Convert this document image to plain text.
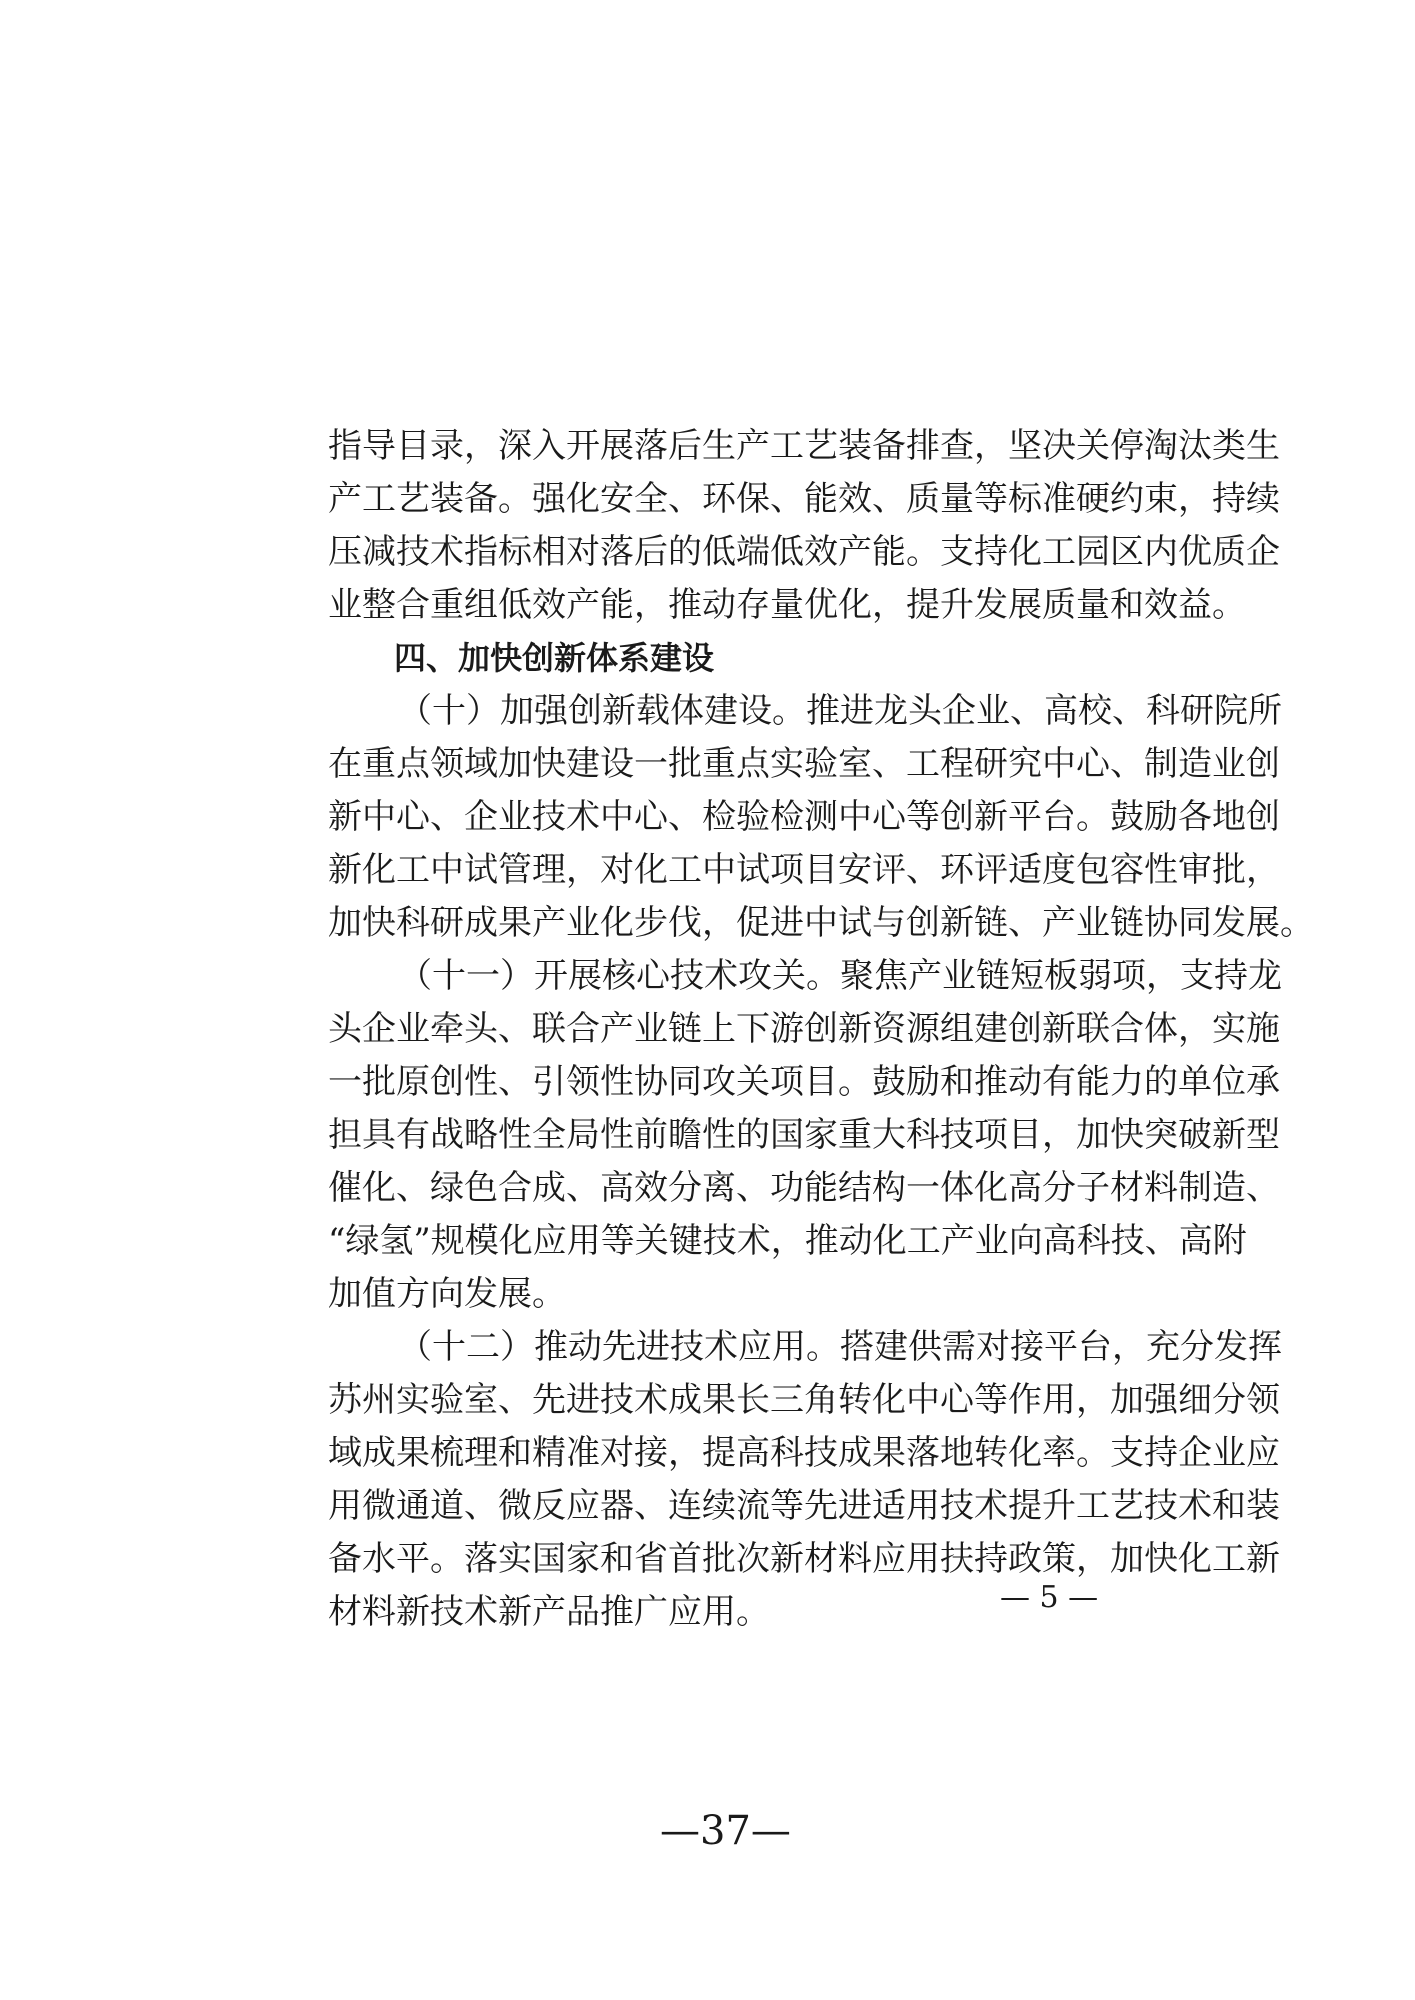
指导目录，深入开展落后生产工艺装备排查，坚决关停淘汰类生
产工艺装备。强化安全、环保、能效、质量等标准硬约束，持续
压减技术指标相对落后的低端低效产能。支持化工园区内优质企
业整合重组低效产能，推动存量优化，提升发展质量和效益。
四、加快创新体系建设
（十）加强创新载体建设。推进龙头企业、高校、科研院所
在重点领域加快建设一批重点实验室、工程研究中心、制造业创
新中心、企业技术中心、检验检测中心等创新平台。鼓励各地创
新化工中试管理，对化工中试项目安评、环评适度包容性审批，
加快科研成果产业化步伐，促进中试与创新链、产业链协同发展。
（十一）开展核心技术攻关。聚焦产业链短板弱项，支持龙
头企业牵头、联合产业链上下游创新资源组建创新联合体，实施
一批原创性、引领性协同攻关项目。鼓励和推动有能力的单位承
担具有战略性全局性前瞻性的国家重大科技项目，加快突破新型
催化、绿色合成、高效分离、功能结构一体化高分子材料制造、
“绿氢”规模化应用等关键技术，推动化工产业向高科技、高附
加值方向发展。
（十二）推动先进技术应用。搭建供需对接平台，充分发挥
苏州实验室、先进技术成果长三角转化中心等作用，加强细分领
域成果梳理和精准对接，提高科技成果落地转化率。支持企业应
用微通道、微反应器、连续流等先进适用技术提升工艺技术和装
备水平。落实国家和省首批次新材料应用扶持政策，加快化工新
材料新技术新产品推广应用。	— 5 —
—37—
